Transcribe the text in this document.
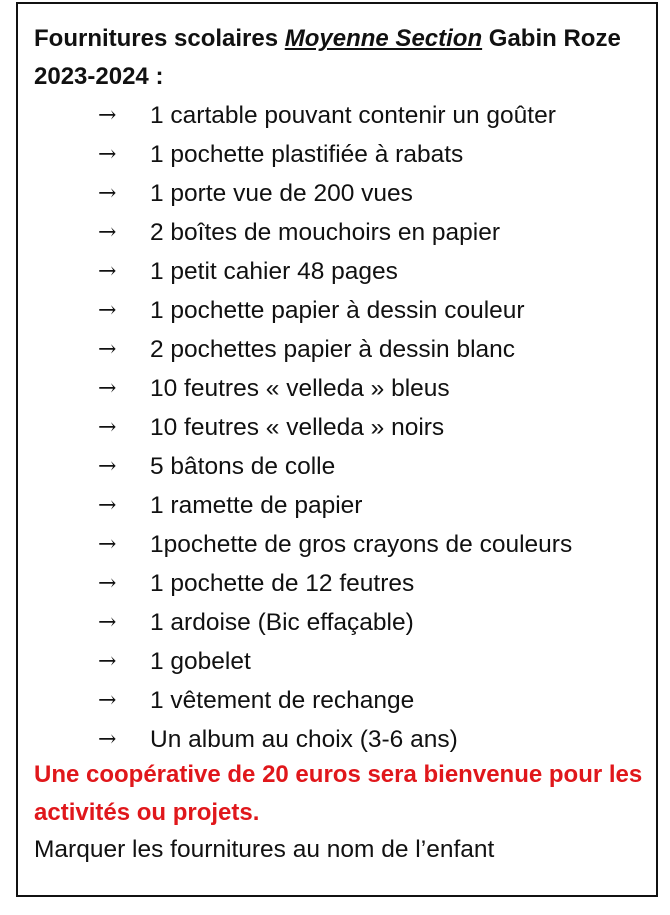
Fournitures scolaires Moyenne Section Gabin Roze 2023-2024 :
→	1 cartable pouvant contenir un goûter
→	1 pochette plastifiée à rabats
→	1 porte vue de 200 vues
→	2 boîtes de mouchoirs en papier
→	1 petit cahier 48 pages
→	1 pochette papier à dessin couleur
→	2 pochettes papier à dessin blanc
→	10 feutres « velleda » bleus
→	10 feutres « velleda » noirs
→	5 bâtons de colle
→	1 ramette de papier
→	1pochette de gros crayons de couleurs
→	1 pochette de 12 feutres
→	1 ardoise (Bic effaçable)
→	1 gobelet
→	1 vêtement de rechange
→	Un album au choix (3-6 ans)

Une coopérative de 20 euros sera bienvenue pour les activités ou projets.

Marquer les fournitures au nom de l’enfant
